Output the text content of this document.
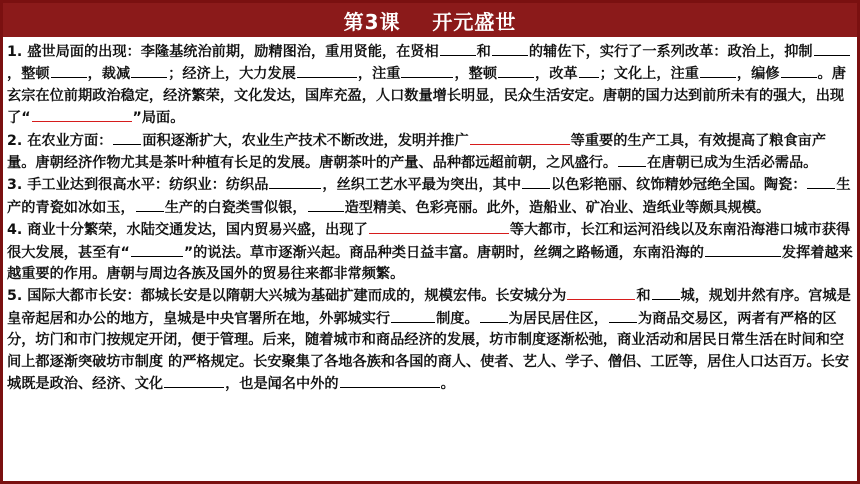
第3课    开元盛世

1. 盛世局面的出现：李隆基统治前期，励精图治，重用贤能，在贤相	和	的辅佐下，实行了一系列改革：政治上，抑制，整顿	，裁减	；经济上，大力发展	，注重	，整顿	，改革 ；文化上，注重	，编修	。唐玄宗在位前期政治稳定，经济繁荣，文化发达，国库充盈，人口数量增长明显，民众生活安定。唐朝的国力达到前所未有的强大，出现了“	”局面。

2. 在农业方面： 面积逐渐扩大，农业生产技术不断改进，发明并推广	等重要的生产工具，有效提高了粮食亩产量。唐朝经济作物尤其是茶叶种植有长足的发展。唐朝茶叶的产量、品种都远超前朝，之风盛行。 在唐朝已成为生活必需品。

3. 手工业达到很高水平：纺织业：纺织品	，丝织工艺水平最为突出，其中 以色彩艳丽、纹饰精妙冠绝全国。陶瓷： 生产的青瓷如冰如玉， 生产的白瓷类雪似银，	造型精美、色彩亮丽。此外，造船业、矿冶业、造纸业等颇具规模。

4. 商业十分繁荣，水陆交通发达，国内贸易兴盛，出现了	等大都市，长江和运河沿线以及东南沿海港口城市获得很大发展，甚至有“	”的说法。草市逐渐兴起。商品种类日益丰富。唐朝时，丝绸之路畅通，东南沿海的	发挥着越来越重要的作用。唐朝与周边各族及国外的贸易往来都非常频繁。

5. 国际大都市长安：都城长安是以隋朝大兴城为基础扩建而成的，规模宏伟。长安城分为	和 城，规划井然有序。宫城是皇帝起居和办公的地方，皇城是中央官署所在地，外郭城实行	制度。 为居民居住区， 为商品交易区，两者有严格的区分，坊门和市门按规定开闭，便于管理。后来，随着城市和商品经济的发展，坊市制度逐渐松弛，商业活动和居民日常生活在时间和空间上都逐渐突破坊市制度 的严格规定。长安聚集了各地各族和各国的商人、使者、艺人、学子、僧侣、工匠等，居住人口达百万。长安城既是政治、经济、文化	，也是闻名中外的	。
